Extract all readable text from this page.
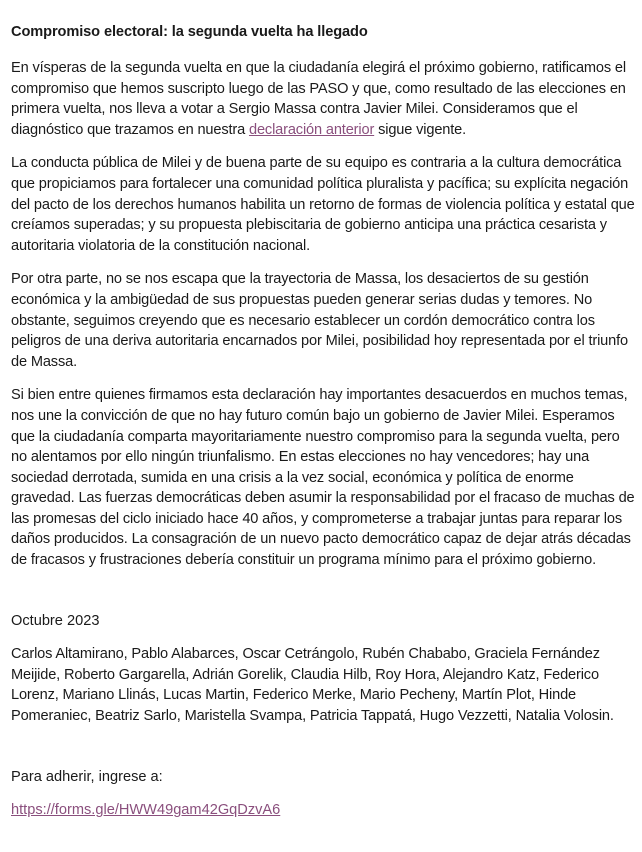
Compromiso electoral: la segunda vuelta ha llegado

En vísperas de la segunda vuelta en que la ciudadanía elegirá el próximo gobierno, ratificamos el compromiso que hemos suscripto luego de las PASO y que, como resultado de las elecciones en primera vuelta, nos lleva a votar a Sergio Massa contra Javier Milei. Consideramos que el diagnóstico que trazamos en nuestra declaración anterior sigue vigente.

La conducta pública de Milei y de buena parte de su equipo es contraria a la cultura democrática que propiciamos para fortalecer una comunidad política pluralista y pacífica; su explícita negación del pacto de los derechos humanos habilita un retorno de formas de violencia política y estatal que creíamos superadas; y su propuesta plebiscitaria de gobierno anticipa una práctica cesarista y autoritaria violatoria de la constitución nacional.

Por otra parte, no se nos escapa que la trayectoria de Massa, los desaciertos de su gestión económica y la ambigüedad de sus propuestas pueden generar serias dudas y temores. No obstante, seguimos creyendo que es necesario establecer un cordón democrático contra los peligros de una deriva autoritaria encarnados por Milei, posibilidad hoy representada por el triunfo de Massa.

Si bien entre quienes firmamos esta declaración hay importantes desacuerdos en muchos temas, nos une la convicción de que no hay futuro común bajo un gobierno de Javier Milei. Esperamos que la ciudadanía comparta mayoritariamente nuestro compromiso para la segunda vuelta, pero no alentamos por ello ningún triunfalismo. En estas elecciones no hay vencedores; hay una sociedad derrotada, sumida en una crisis a la vez social, económica y política de enorme gravedad. Las fuerzas democráticas deben asumir la responsabilidad por el fracaso de muchas de las promesas del ciclo iniciado hace 40 años, y comprometerse a trabajar juntas para reparar los daños producidos. La consagración de un nuevo pacto democrático capaz de dejar atrás décadas de fracasos y frustraciones debería constituir un programa mínimo para el próximo gobierno.

Octubre 2023

Carlos Altamirano, Pablo Alabarces, Oscar Cetrángolo, Rubén Chababo, Graciela Fernández Meijide, Roberto Gargarella, Adrián Gorelik, Claudia Hilb, Roy Hora, Alejandro Katz, Federico Lorenz, Mariano Llinás, Lucas Martin, Federico Merke, Mario Pecheny, Martín Plot, Hinde Pomeraniec, Beatriz Sarlo, Maristella Svampa, Patricia Tappatá, Hugo Vezzetti, Natalia Volosin.

Para adherir, ingrese a:

https://forms.gle/HWW49gam42GqDzvA6
